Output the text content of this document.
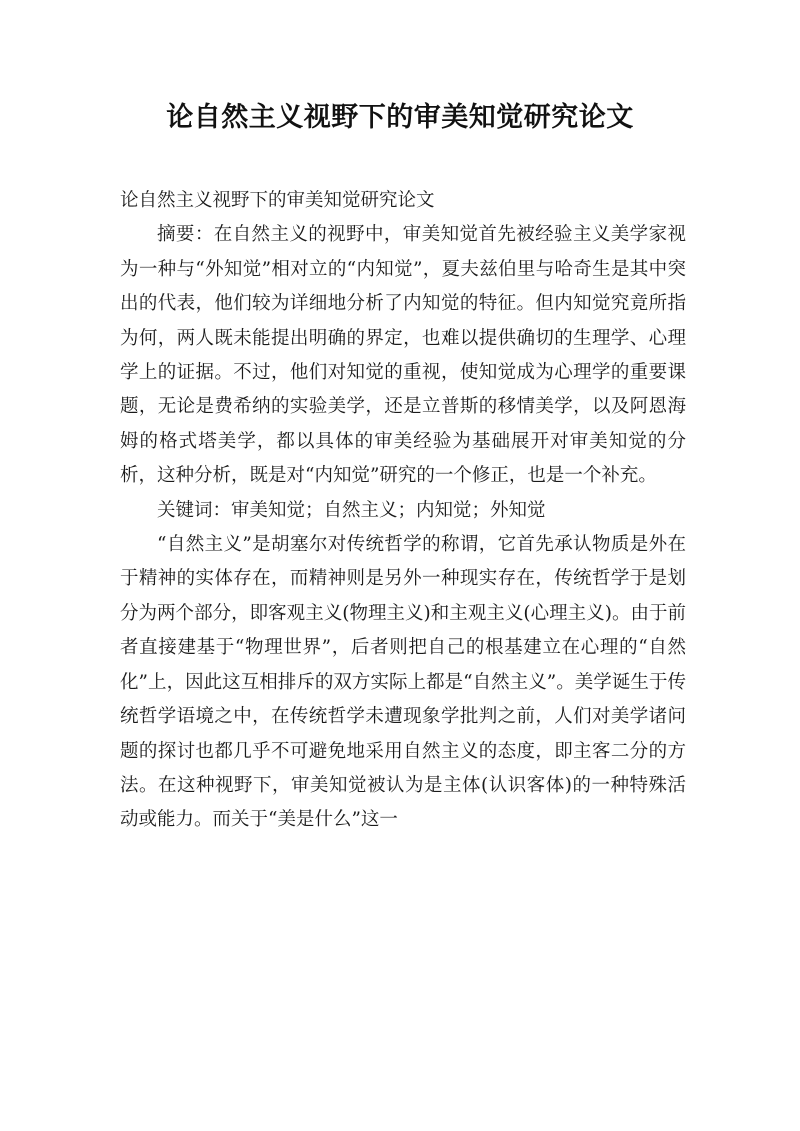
论自然主义视野下的审美知觉研究论文

论自然主义视野下的审美知觉研究论文

摘要：在自然主义的视野中，审美知觉首先被经验主义美学家视为一种与“外知觉”相对立的“内知觉”，夏夫兹伯里与哈奇生是其中突出的代表，他们较为详细地分析了内知觉的特征。但内知觉究竟所指为何，两人既未能提出明确的界定，也难以提供确切的生理学、心理学上的证据。不过，他们对知觉的重视，使知觉成为心理学的重要课题，无论是费希纳的实验美学，还是立普斯的移情美学，以及阿恩海姆的格式塔美学，都以具体的审美经验为基础展开对审美知觉的分析，这种分析，既是对“内知觉”研究的一个修正，也是一个补充。

关键词：审美知觉；自然主义；内知觉；外知觉

“自然主义”是胡塞尔对传统哲学的称谓，它首先承认物质是外在于精神的实体存在，而精神则是另外一种现实存在，传统哲学于是划分为两个部分，即客观主义(物理主义)和主观主义(心理主义)。由于前者直接建基于“物理世界”，后者则把自己的根基建立在心理的“自然化”上，因此这互相排斥的双方实际上都是“自然主义”。美学诞生于传统哲学语境之中，在传统哲学未遭现象学批判之前，人们对美学诸问题的探讨也都几乎不可避免地采用自然主义的态度，即主客二分的方法。在这种视野下，审美知觉被认为是主体(认识客体)的一种特殊活动或能力。而关于“美是什么”这一
